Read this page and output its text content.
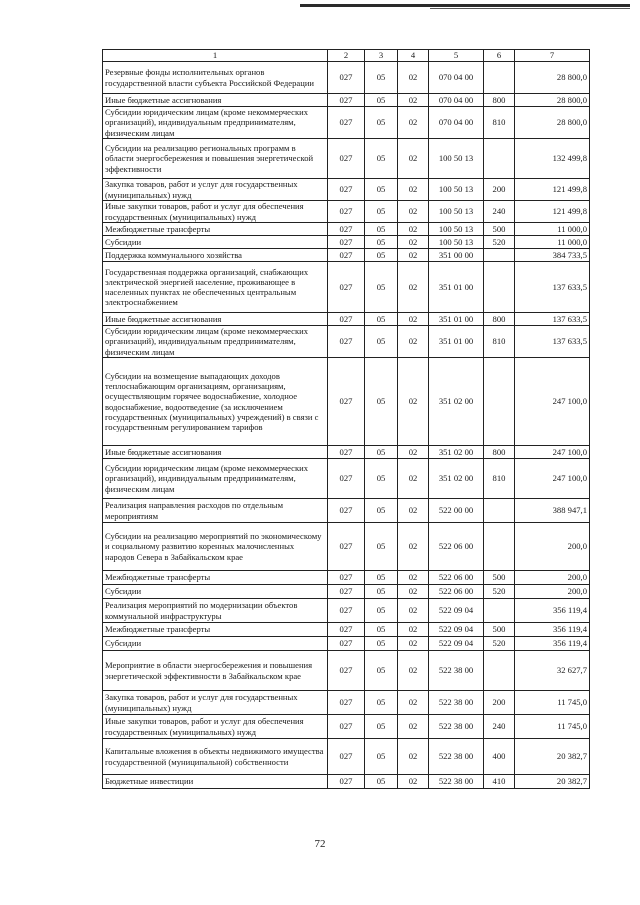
1	2	3	4	5	6	7
Резервные фонды исполнительных органов государственной власти субъекта Российской Федерации	027	05	02	070 04 00		28 800,0
Иные бюджетные ассигнования	027	05	02	070 04 00	800	28 800,0
Субсидии юридическим лицам (кроме некоммерческих организаций), индивидуальным предпринимателям, физическим лицам	027	05	02	070 04 00	810	28 800,0
Субсидии на реализацию региональных программ в области энергосбережения и повышения энергетической эффективности	027	05	02	100 50 13		132 499,8
Закупка товаров, работ и услуг для государственных (муниципальных) нужд	027	05	02	100 50 13	200	121 499,8
Иные закупки товаров, работ и услуг для обеспечения государственных (муниципальных) нужд	027	05	02	100 50 13	240	121 499,8
Межбюджетные трансферты	027	05	02	100 50 13	500	11 000,0
Субсидии	027	05	02	100 50 13	520	11 000,0
Поддержка коммунального хозяйства	027	05	02	351 00 00		384 733,5
Государственная поддержка организаций, снабжающих электрической энергией население, проживающее в населенных пунктах не обеспеченных центральным электроснабжением	027	05	02	351 01 00		137 633,5
Иные бюджетные ассигнования	027	05	02	351 01 00	800	137 633,5
Субсидии юридическим лицам (кроме некоммерческих организаций), индивидуальным предпринимателям, физическим лицам	027	05	02	351 01 00	810	137 633,5
Субсидии на возмещение выпадающих доходов теплоснабжающим организациям, организациям, осуществляющим горячее водоснабжение, холодное водоснабжение, водоотведение (за исключением государственных (муниципальных) учреждений) в связи с государственным регулированием тарифов	027	05	02	351 02 00		247 100,0
Иные бюджетные ассигнования	027	05	02	351 02 00	800	247 100,0
Субсидии юридическим лицам (кроме некоммерческих организаций), индивидуальным предпринимателям, физическим лицам	027	05	02	351 02 00	810	247 100,0
Реализация направления расходов по отдельным мероприятиям	027	05	02	522 00 00		388 947,1
Субсидии на реализацию мероприятий по экономическому и социальному развитию коренных малочисленных народов Севера в Забайкальском крае	027	05	02	522 06 00		200,0
Межбюджетные трансферты	027	05	02	522 06 00	500	200,0
Субсидии	027	05	02	522 06 00	520	200,0
Реализация мероприятий по модернизации объектов коммунальной инфраструктуры	027	05	02	522 09 04		356 119,4
Межбюджетные трансферты	027	05	02	522 09 04	500	356 119,4
Субсидии	027	05	02	522 09 04	520	356 119,4
Мероприятие в области энергосбережения и повышения энергетической эффективности в Забайкальском крае	027	05	02	522 38 00		32 627,7
Закупка товаров, работ и услуг для государственных (муниципальных) нужд	027	05	02	522 38 00	200	11 745,0
Иные закупки товаров, работ и услуг для обеспечения государственных (муниципальных) нужд	027	05	02	522 38 00	240	11 745,0
Капитальные вложения в объекты недвижимого имущества государственной (муниципальной) собственности	027	05	02	522 38 00	400	20 382,7
Бюджетные инвестиции	027	05	02	522 38 00	410	20 382,7
72
